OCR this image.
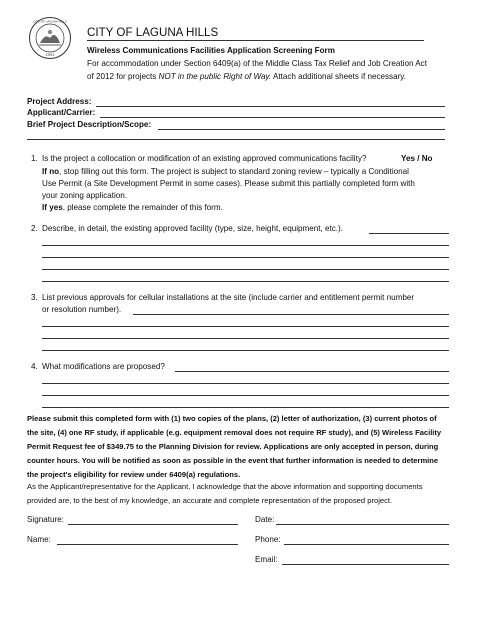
1991
CITY OF LAGUNA HILLS
CITY OF LAGUNA HILLS
Wireless Communications Facilities Application Screening Form
For accommodation under Section 6409(a) of the Middle Class Tax Relief and Job Creation Act
of 2012 for projects NOT in the public Right of Way. Attach additional sheets if necessary.
Project Address:
Applicant/Carrier:
Brief Project Description/Scope:
1. Is the project a collocation or modification of an existing approved communications facility?	Yes / No
If no, stop filling out this form. The project is subject to standard zoning review – typically a Conditional
Use Permit (a Site Development Permit in some cases). Please submit this partially completed form with
your zoning application.
If yes, please complete the remainder of this form.
2. Describe, in detail, the existing approved facility (type, size, height, equipment, etc.).
3. List previous approvals for cellular installations at the site (include carrier and entitlement permit number
or resolution number).
4. What modifications are proposed?
Please submit this completed form with (1) two copies of the plans, (2) letter of authorization, (3) current photos of
the site, (4) one RF study, if applicable (e.g. equipment removal does not require RF study), and (5) Wireless Facility
Permit Request fee of $349.75 to the Planning Division for review. Applications are only accepted in person, during
counter hours. You will be notified as soon as possible in the event that further information is needed to determine
the project's eligibility for review under 6409(a) regulations.
As the Applicant/representative for the Applicant, I acknowledge that the above information and supporting documents
provided are, to the best of my knowledge, an accurate and complete representation of the proposed project.
Signature:	Date:
Name:	Phone:
Email:
